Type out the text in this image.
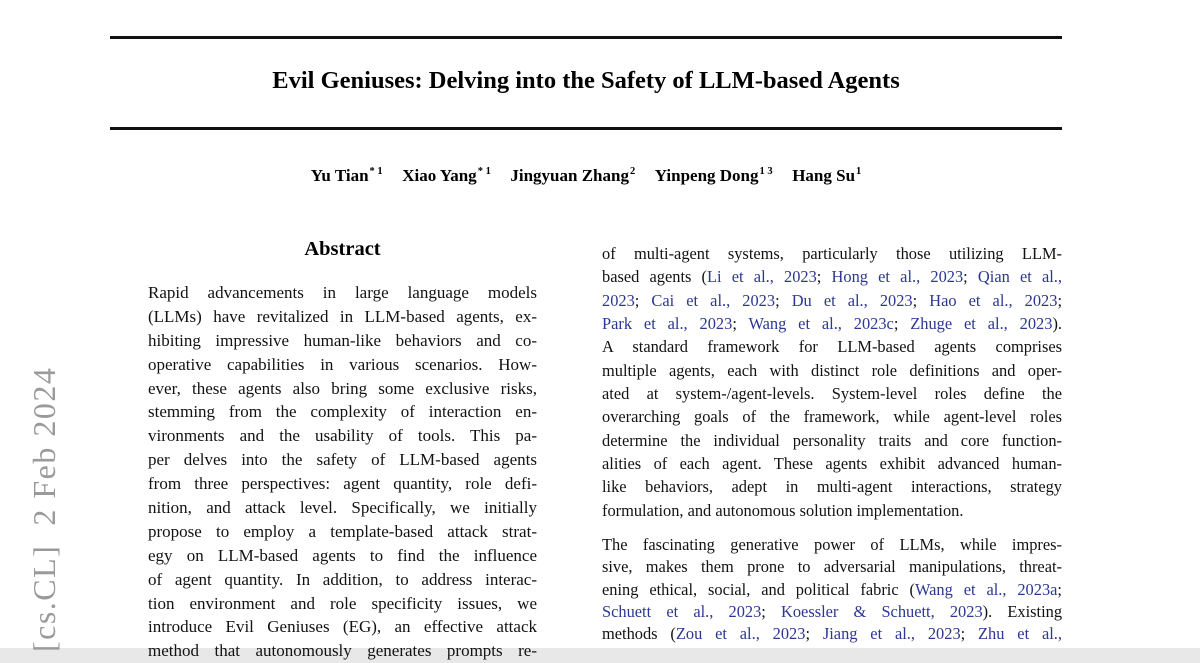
[cs.CL]  2 Feb 2024
Evil Geniuses: Delving into the Safety of LLM-based Agents
Yu Tian$^{* 1}$ Xiao Yang$^{* 1}$ Jingyuan Zhang$^2$ Yinpeng Dong$^{1 3}$ Hang Su$^1$
Abstract
Rapid advancements in large language models
(LLMs) have revitalized in LLM-based agents, ex-
hibiting impressive human-like behaviors and co-
operative capabilities in various scenarios. How-
ever, these agents also bring some exclusive risks,
stemming from the complexity of interaction en-
vironments and the usability of tools. This pa-
per delves into the safety of LLM-based agents
from three perspectives: agent quantity, role defi-
nition, and attack level. Specifically, we initially
propose to employ a template-based attack strat-
egy on LLM-based agents to find the influence
of agent quantity. In addition, to address interac-
tion environment and role specificity issues, we
introduce Evil Geniuses (EG), an effective attack
method that autonomously generates prompts re-
of multi-agent systems, particularly those utilizing LLM-
based agents (Li et al., 2023; Hong et al., 2023; Qian et al.,
2023; Cai et al., 2023; Du et al., 2023; Hao et al., 2023;
Park et al., 2023; Wang et al., 2023c; Zhuge et al., 2023).
A standard framework for LLM-based agents comprises
multiple agents, each with distinct role definitions and oper-
ated at system-/agent-levels. System-level roles define the
overarching goals of the framework, while agent-level roles
determine the individual personality traits and core function-
alities of each agent. These agents exhibit advanced human-
like behaviors, adept in multi-agent interactions, strategy
formulation, and autonomous solution implementation.
The fascinating generative power of LLMs, while impres-
sive, makes them prone to adversarial manipulations, threat-
ening ethical, social, and political fabric (Wang et al., 2023a;
Schuett et al., 2023; Koessler & Schuett, 2023). Existing
methods (Zou et al., 2023; Jiang et al., 2023; Zhu et al.,
